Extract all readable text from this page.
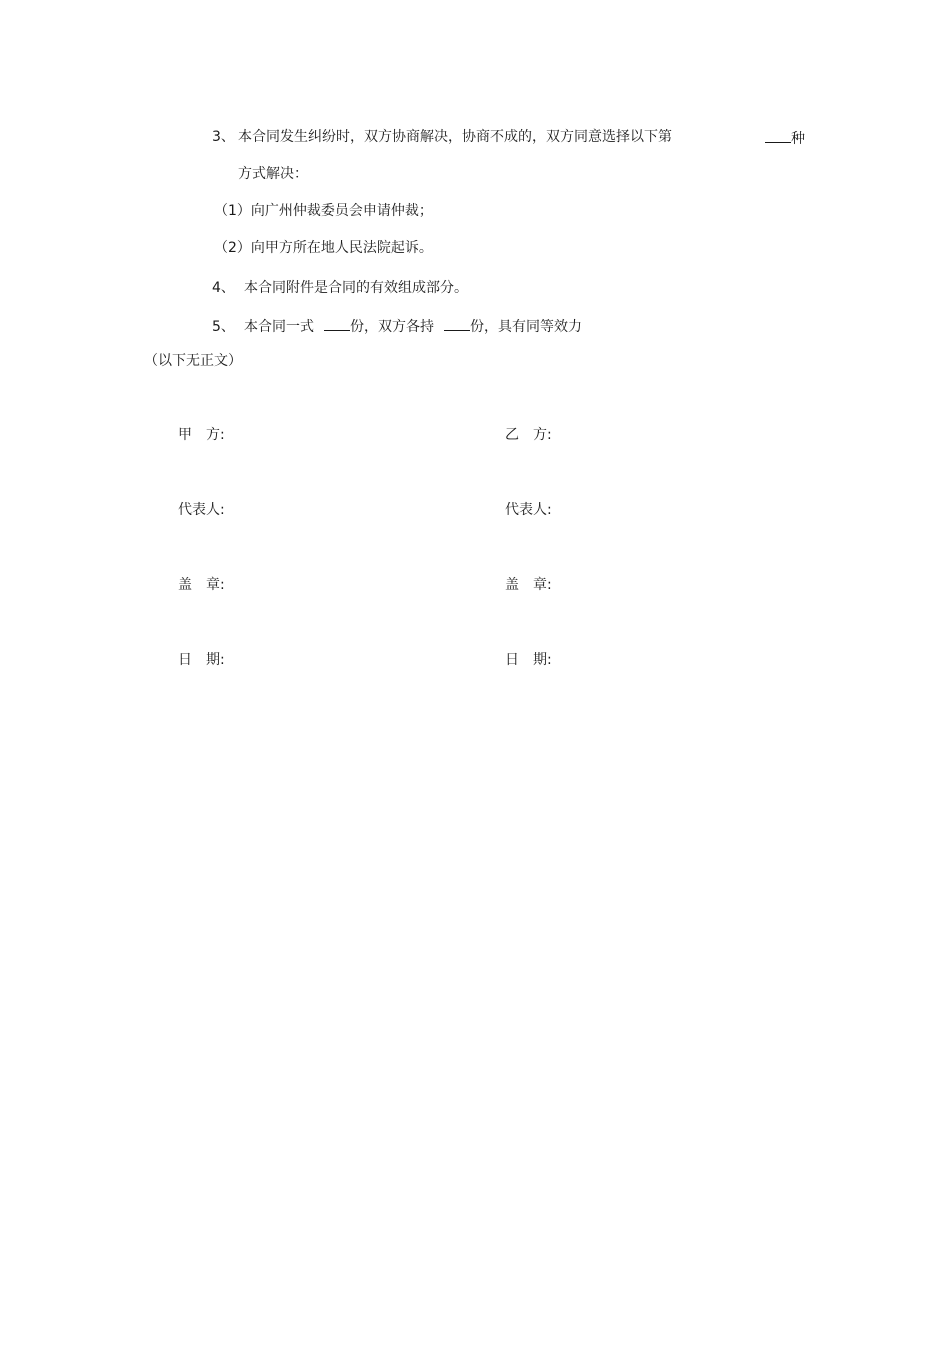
3、 本合同发生纠纷时，双方协商解决，协商不成的，双方同意选择以下第	种
方式解决：
（1）向广州仲裁委员会申请仲裁；
（2）向甲方所在地人民法院起诉。
4、 本合同附件是合同的有效组成部分。
5、 本合同一式	份，双方各持	份，具有同等效力
（以下无正文）
甲　方:
代表人:
盖　章:
日　期:
乙　方:
代表人:
盖　章:
日　期:
